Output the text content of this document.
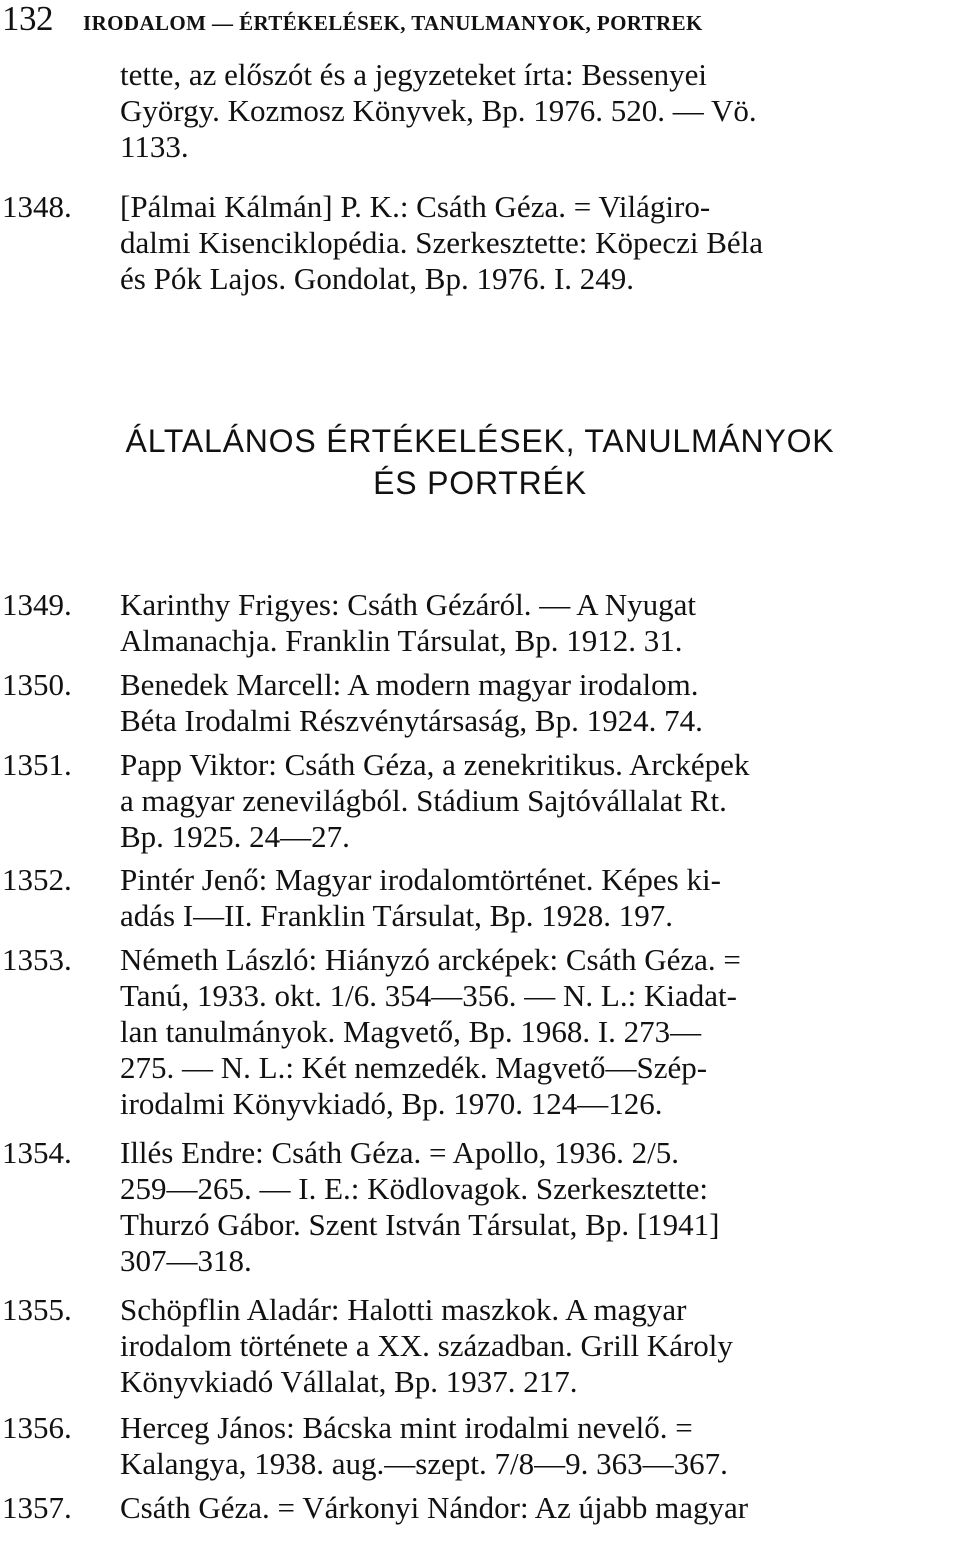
132 IRODALOM — ÉRTÉKELÉSEK, TANULMANYOK, PORTREK
tette, az előszót és a jegyzeteket írta: Bessenyei
György. Kozmosz Könyvek, Bp. 1976. 520. — Vö.
1133.
1348.	[Pálmai Kálmán] P. K.: Csáth Géza. = Világiro-
dalmi Kisenciklopédia. Szerkesztette: Köpeczi Béla
és Pók Lajos. Gondolat, Bp. 1976. I. 249.
ÁLTALÁNOS ÉRTÉKELÉSEK, TANULMÁNYOK
ÉS PORTRÉK
1349.	Karinthy Frigyes: Csáth Gézáról. — A Nyugat
Almanachja. Franklin Társulat, Bp. 1912. 31.
1350.	Benedek Marcell: A modern magyar irodalom.
Béta Irodalmi Részvénytársaság, Bp. 1924. 74.
1351.	Papp Viktor: Csáth Géza, a zenekritikus. Arcképek
a magyar zenevilágból. Stádium Sajtóvállalat Rt.
Bp. 1925. 24—27.
1352.	Pintér Jenő: Magyar irodalomtörténet. Képes ki-
adás I—II. Franklin Társulat, Bp. 1928. 197.
1353.	Németh László: Hiányzó arcképek: Csáth Géza. =
Tanú, 1933. okt. 1/6. 354—356. — N. L.: Kiadat-
lan tanulmányok. Magvető, Bp. 1968. I. 273—
275. — N. L.: Két nemzedék. Magvető—Szép-
irodalmi Könyvkiadó, Bp. 1970. 124—126.
1354.	Illés Endre: Csáth Géza. = Apollo, 1936. 2/5.
259—265. — I. E.: Ködlovagok. Szerkesztette:
Thurzó Gábor. Szent István Társulat, Bp. [1941]
307—318.
1355.	Schöpflin Aladár: Halotti maszkok. A magyar
irodalom története a XX. században. Grill Károly
Könyvkiadó Vállalat, Bp. 1937. 217.
1356.	Herceg János: Bácska mint irodalmi nevelő. =
Kalangya, 1938. aug.—szept. 7/8—9. 363—367.
1357.	Csáth Géza. = Várkonyi Nándor: Az újabb magyar
